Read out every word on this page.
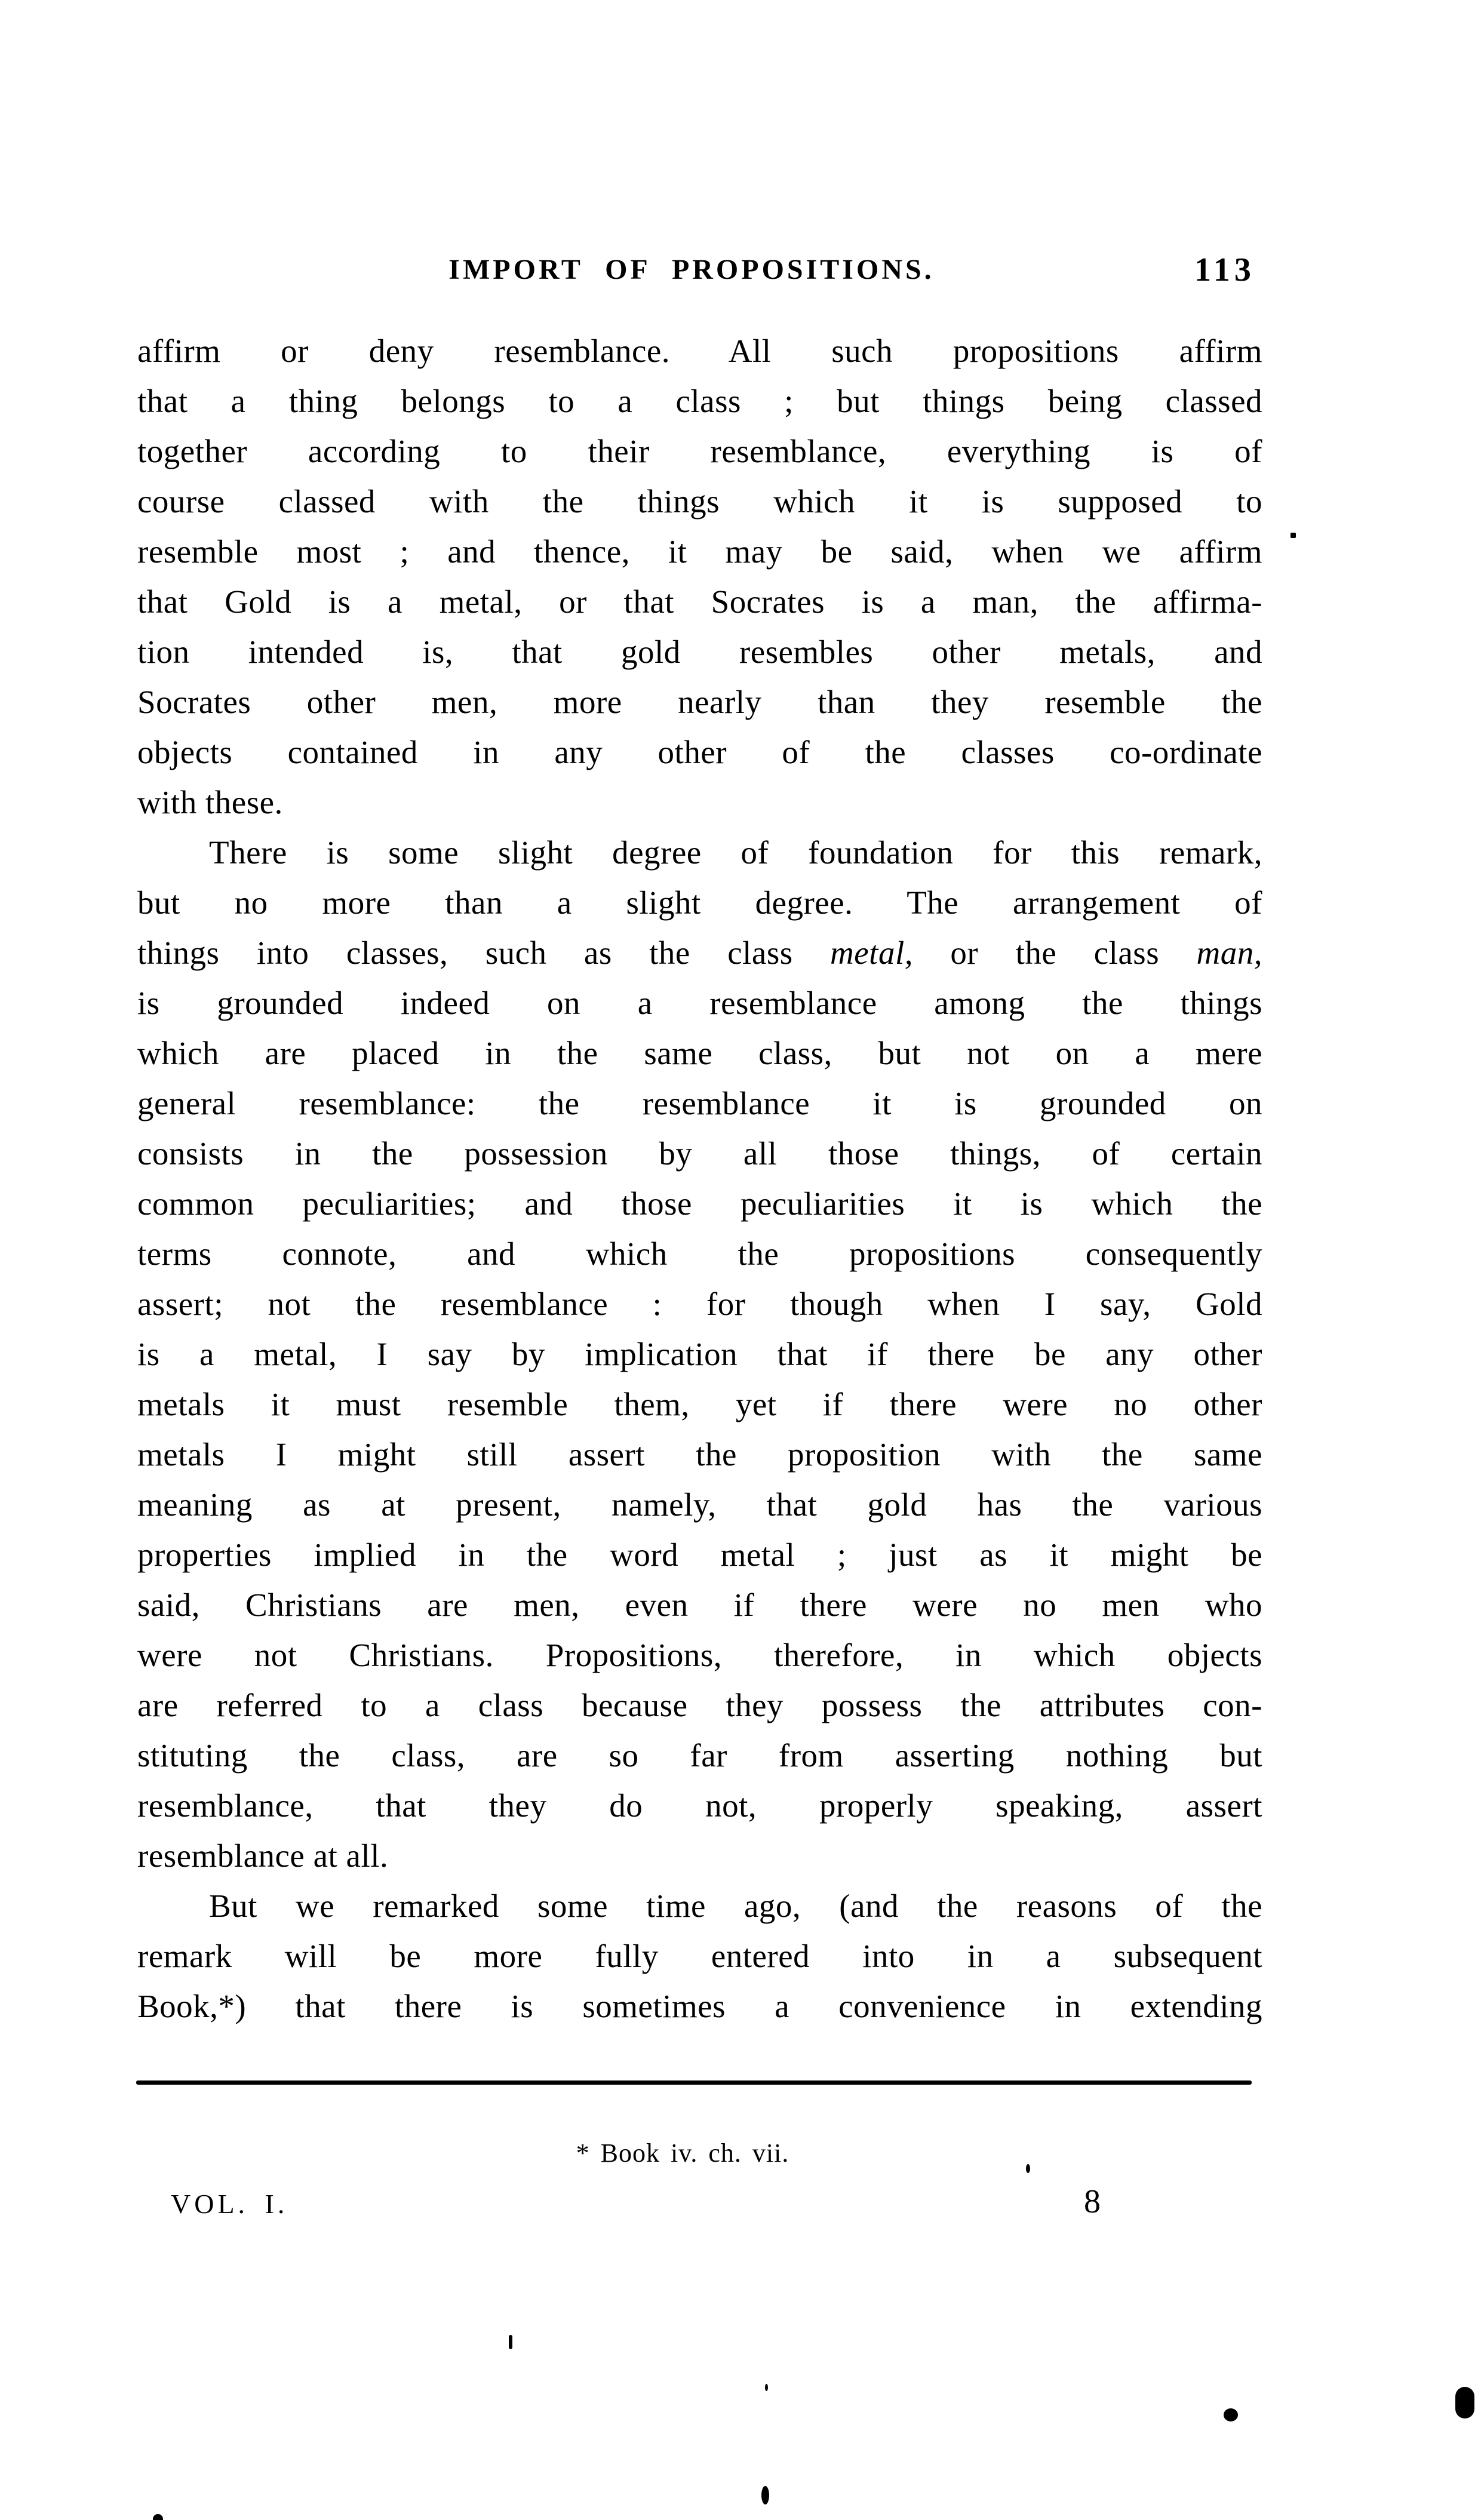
IMPORT OF PROPOSITIONS.	113
affirm or deny resemblance. All such propositions affirm
that a thing belongs to a class ; but things being classed
together according to their resemblance, everything is of
course classed with the things which it is supposed to
resemble most ; and thence, it may be said, when we affirm
that Gold is a metal, or that Socrates is a man, the affirma-
tion intended is, that gold resembles other metals, and
Socrates other men, more nearly than they resemble the
objects contained in any other of the classes co-ordinate
with these.
There is some slight degree of foundation for this remark,
but no more than a slight degree. The arrangement of
things into classes, such as the class metal, or the class man,
is grounded indeed on a resemblance among the things
which are placed in the same class, but not on a mere
general resemblance: the resemblance it is grounded on
consists in the possession by all those things, of certain
common peculiarities; and those peculiarities it is which the
terms connote, and which the propositions consequently
assert; not the resemblance : for though when I say, Gold
is a metal, I say by implication that if there be any other
metals it must resemble them, yet if there were no other
metals I might still assert the proposition with the same
meaning as at present, namely, that gold has the various
properties implied in the word metal ; just as it might be
said, Christians are men, even if there were no men who
were not Christians. Propositions, therefore, in which objects
are referred to a class because they possess the attributes con-
stituting the class, are so far from asserting nothing but
resemblance, that they do not, properly speaking, assert
resemblance at all.
But we remarked some time ago, (and the reasons of the
remark will be more fully entered into in a subsequent
Book,*) that there is sometimes a convenience in extending
* Book iv. ch. vii.
VOL. I.	8
